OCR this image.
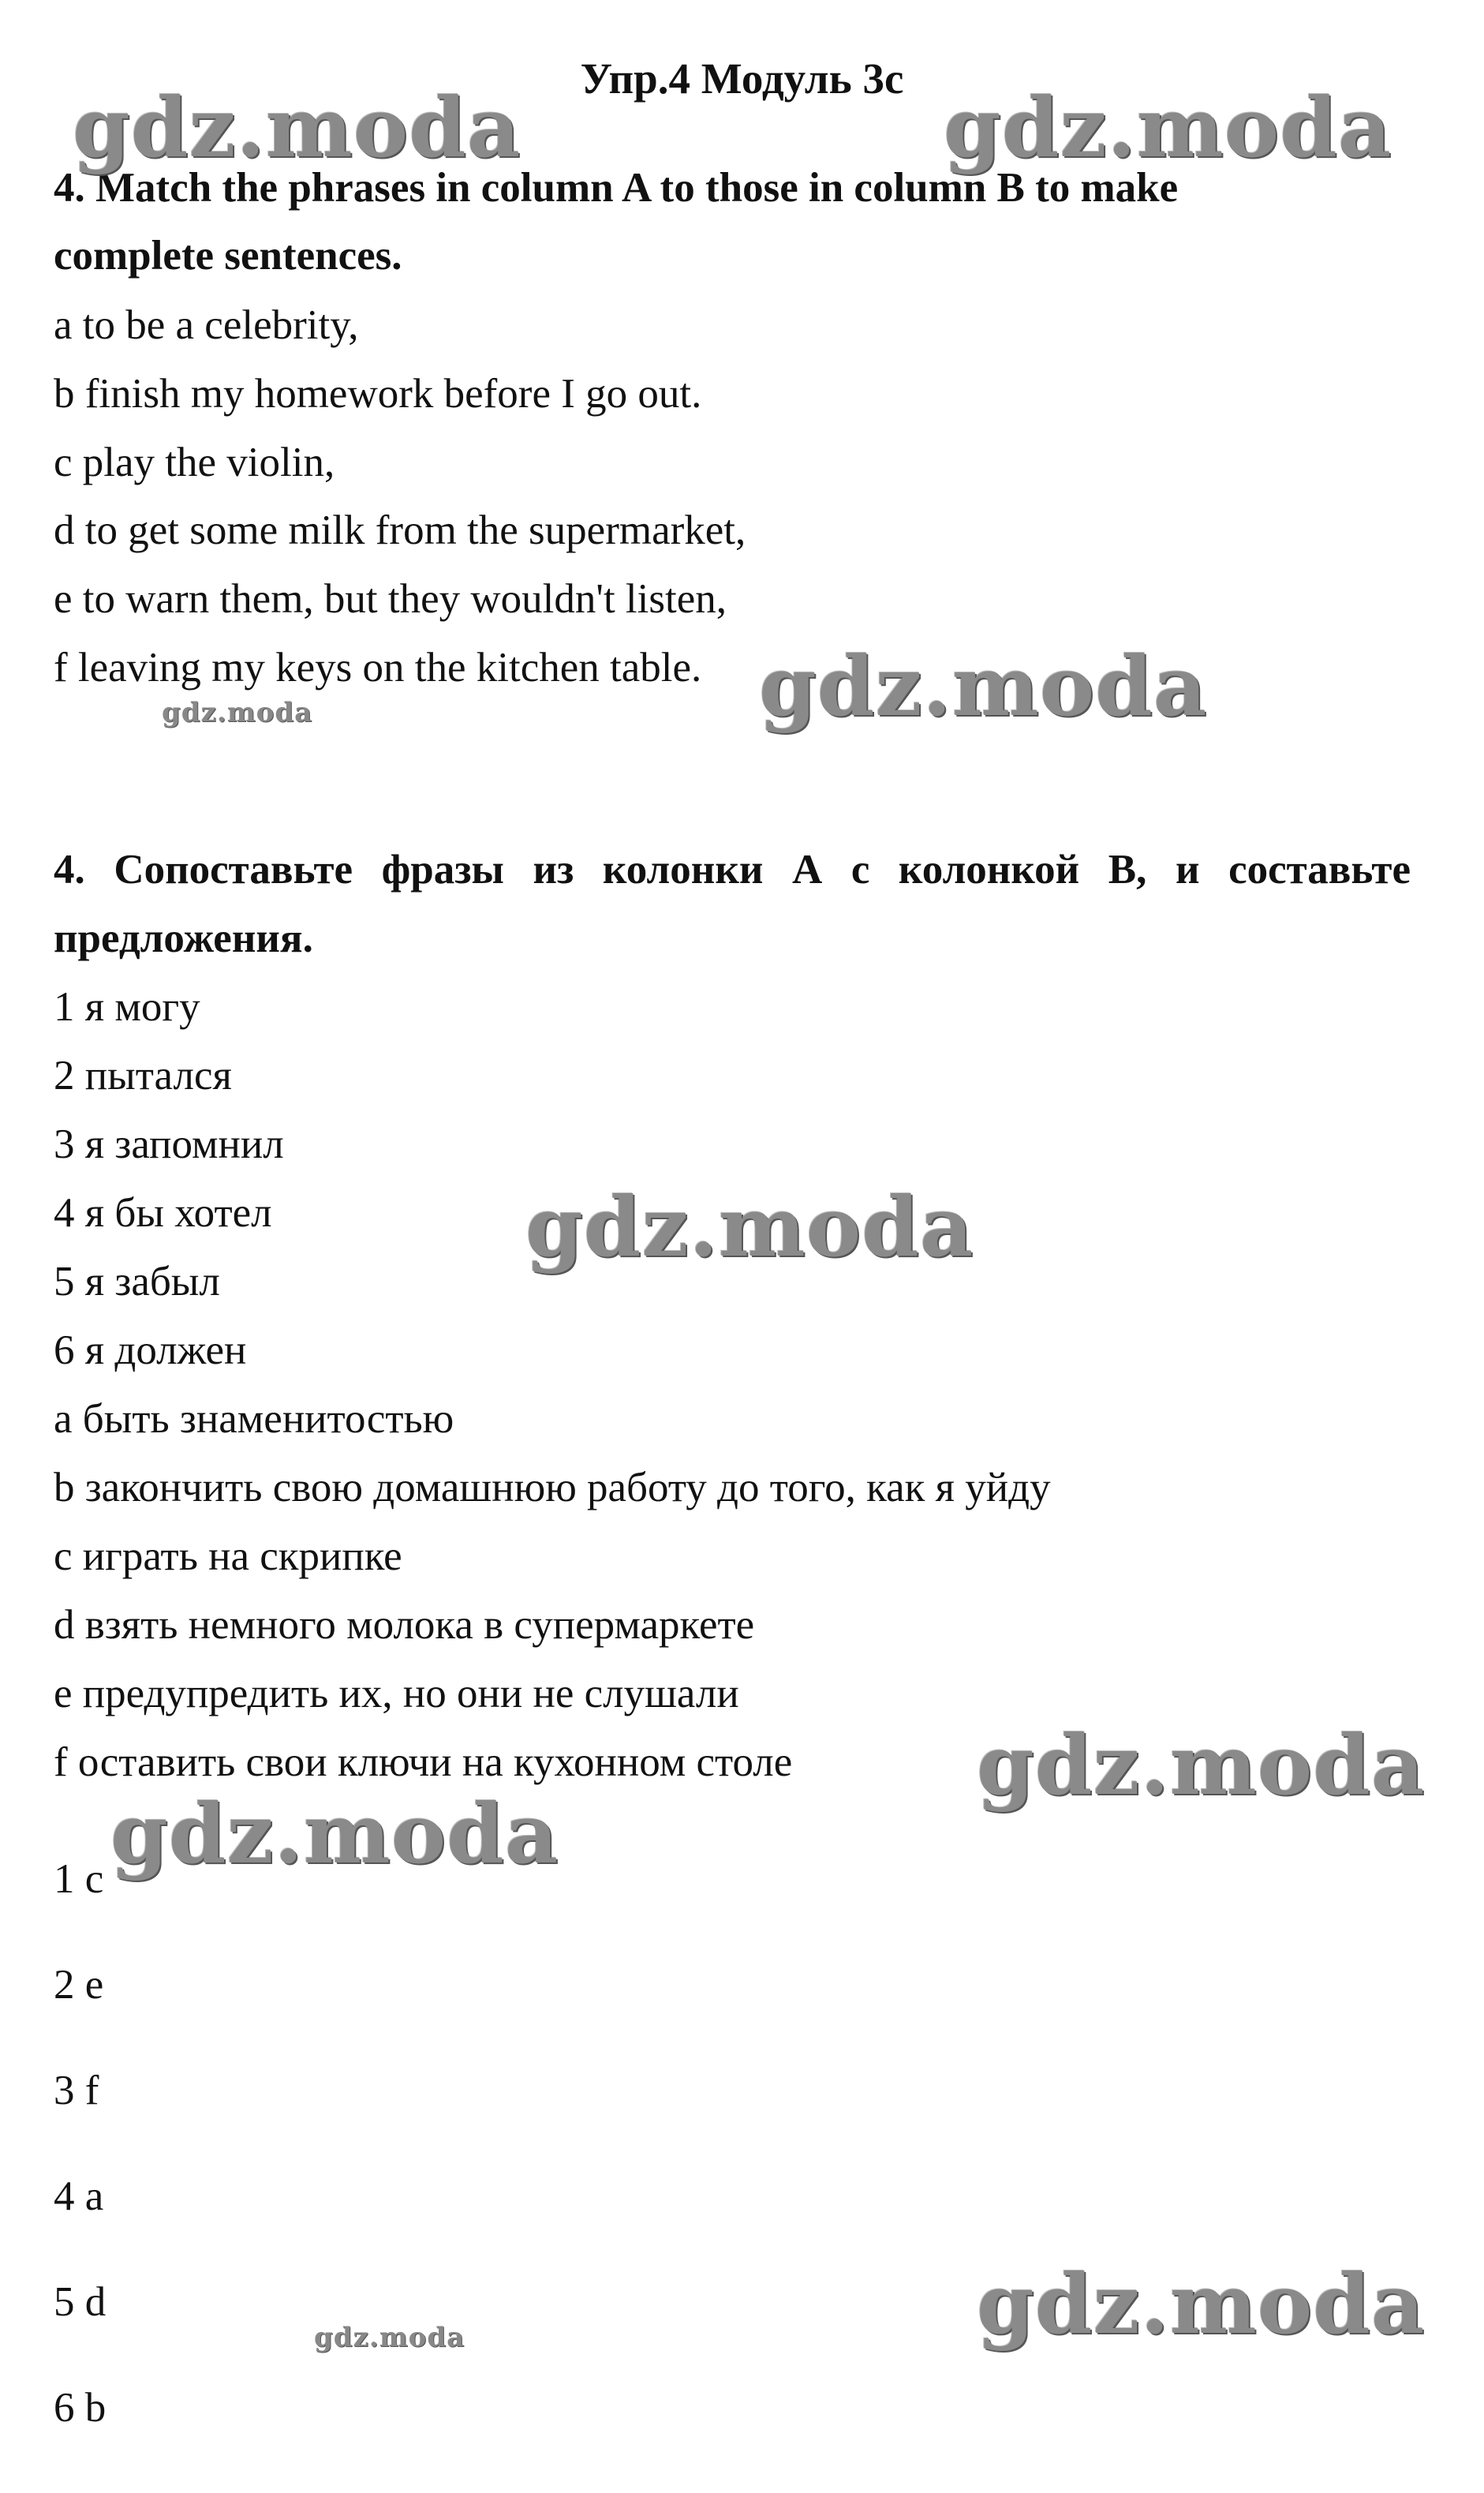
Упр.4 Модуль 3c
4. Match the phrases in column A to those in column B to make
complete sentences.
a to be a celebrity,
b finish my homework before I go out.
c play the violin,
d to get some milk from the supermarket,
e to warn them, but they wouldn't listen,
f leaving my keys on the kitchen table.
4. Сопоставьте фразы из колонки А с колонкой В, и составьте
предложения.
1 я могу
2 пытался
3 я запомнил
4 я бы хотел
5 я забыл
6 я должен
a быть знаменитостью
b закончить свою домашнюю работу до того, как я уйду
c играть на скрипке
d взять немного молока в супермаркете
e предупредить их, но они не слушали
f оставить свои ключи на кухонном столе
1 c
2 e
3 f
4 a
5 d
6 b
gdz.moda	gdz.moda
gdz.moda
gdz.moda
gdz.moda
gdz.moda
gdz.moda
gdz.moda
gdz.moda
